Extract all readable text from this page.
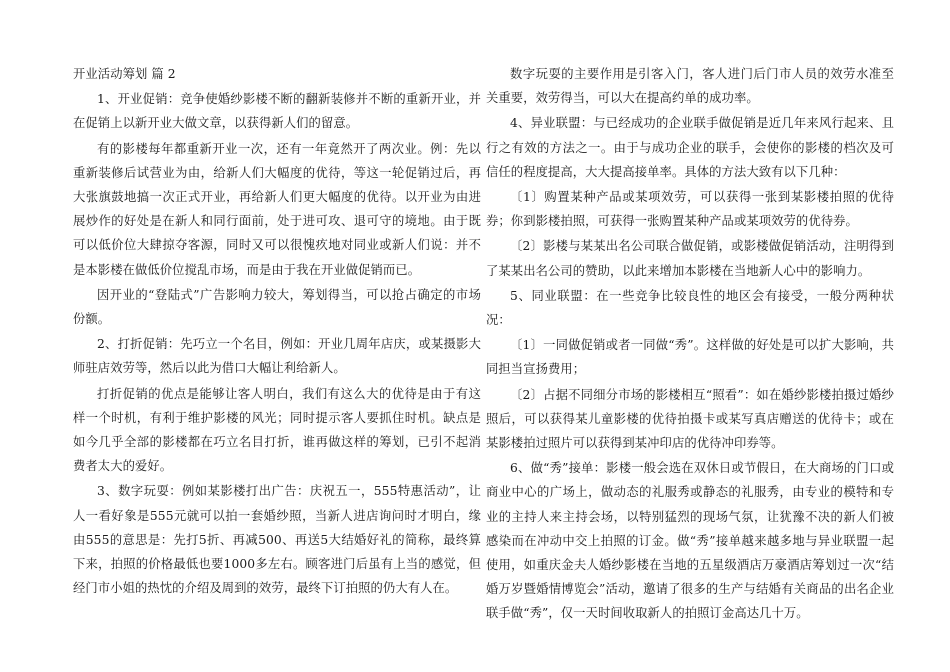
开业活动筹划 篇 2

1、开业促销：竞争使婚纱影楼不断的翻新装修并不断的重新开业，并在促销上以新开业大做文章，以获得新人们的留意。

有的影楼每年都重新开业一次，还有一年竟然开了两次业。例：先以重新装修后试营业为由，给新人们大幅度的优待，等这一轮促销过后，再大张旗鼓地搞一次正式开业，再给新人们更大幅度的优待。以开业为由进展炒作的好处是在新人和同行面前，处于进可攻、退可守的境地。由于既可以低价位大肆掠夺客源，同时又可以很愧疚地对同业或新人们说：并不是本影楼在做低价位搅乱市场，而是由于我在开业做促销而已。

因开业的“登陆式”广告影响力较大，筹划得当，可以抢占确定的市场份额。

2、打折促销：先巧立一个名目，例如：开业几周年店庆，或某摄影大师驻店效劳等，然后以此为借口大幅让利给新人。

打折促销的优点是能够让客人明白，我们有这么大的优待是由于有这样一个时机，有利于维护影楼的风光；同时提示客人要抓住时机。缺点是如今几乎全部的影楼都在巧立名目打折，谁再做这样的筹划，已引不起消费者太大的爱好。

3、数字玩耍：例如某影楼打出广告：庆祝五一，555特惠活动”，让人一看好象是555元就可以拍一套婚纱照，当新人进店询问时才明白，缘由555的意思是：先打5折、再减500、再送5大结婚好礼的简称，最终算下来，拍照的价格最低也要1000多左右。顾客进门后虽有上当的感觉，但经门市小姐的热忱的介绍及周到的效劳，最终下订拍照的仍大有人在。

数字玩耍的主要作用是引客入门，客人进门后门市人员的效劳水准至关重要，效劳得当，可以大在提高约单的成功率。

4、异业联盟：与已经成功的企业联手做促销是近几年来风行起来、且行之有效的方法之一。由于与成功企业的联手，会使你的影楼的档次及可信任的程度提高，大大提高接单率。具体的方法大致有以下几种：

〔1〕购置某种产品或某项效劳，可以获得一张到某影楼拍照的优待券；你到影楼拍照，可获得一张购置某种产品或某项效劳的优待券。

〔2〕影楼与某某出名公司联合做促销，或影楼做促销活动，注明得到了某某出名公司的赞助，以此来增加本影楼在当地新人心中的影响力。

5、同业联盟：在一些竞争比较良性的地区会有接受，一般分两种状况：

〔1〕一同做促销或者一同做“秀”。这样做的好处是可以扩大影响，共同担当宣扬费用；

〔2〕占据不同细分市场的影楼相互“照看”：如在婚纱影楼拍摄过婚纱照后，可以获得某儿童影楼的优待拍摄卡或某写真店赠送的优待卡；或在某影楼拍过照片可以获得到某冲印店的优待冲印券等。

6、做“秀”接单：影楼一般会选在双休日或节假日，在大商场的门口或商业中心的广场上，做动态的礼服秀或静态的礼服秀，由专业的模特和专业的主持人来主持会场，以特别猛烈的现场气氛，让犹豫不决的新人们被感染而在冲动中交上拍照的订金。做“秀”接单越来越多地与异业联盟一起使用，如重庆金夫人婚纱影楼在当地的五星级酒店万豪酒店筹划过一次“结婚万岁暨婚情博览会”活动，邀请了很多的生产与结婚有关商品的出名企业联手做“秀”，仅一天时间收取新人的拍照订金高达几十万。
